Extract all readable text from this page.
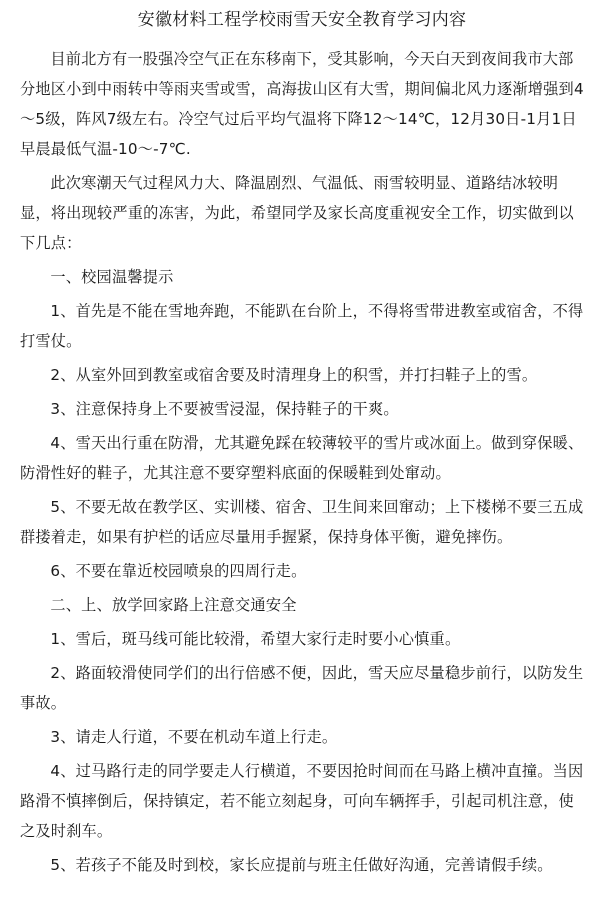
安徽材料工程学校雨雪天安全教育学习内容

目前北方有一股强冷空气正在东移南下，受其影响，今天白天到夜间我市大部分地区小到中雨转中等雨夹雪或雪，高海拔山区有大雪，期间偏北风力逐渐增强到4～5级，阵风7级左右。冷空气过后平均气温将下降12～14℃，12月30日-1月1日早晨最低气温-10～-7℃.

此次寒潮天气过程风力大、降温剧烈、气温低、雨雪较明显、道路结冰较明显，将出现较严重的冻害，为此，希望同学及家长高度重视安全工作，切实做到以下几点：

一、校园温馨提示

1、首先是不能在雪地奔跑，不能趴在台阶上，不得将雪带进教室或宿舍，不得打雪仗。

2、从室外回到教室或宿舍要及时清理身上的积雪，并打扫鞋子上的雪。

3、注意保持身上不要被雪浸湿，保持鞋子的干爽。

4、雪天出行重在防滑，尤其避免踩在较薄较平的雪片或冰面上。做到穿保暖、防滑性好的鞋子，尤其注意不要穿塑料底面的保暖鞋到处窜动。

5、不要无故在教学区、实训楼、宿舍、卫生间来回窜动；上下楼梯不要三五成群搂着走，如果有护栏的话应尽量用手握紧，保持身体平衡，避免摔伤。

6、不要在靠近校园喷泉的四周行走。

二、上、放学回家路上注意交通安全

1、雪后，斑马线可能比较滑，希望大家行走时要小心慎重。

2、路面较滑使同学们的出行倍感不便，因此，雪天应尽量稳步前行，以防发生事故。

3、请走人行道，不要在机动车道上行走。

4、过马路行走的同学要走人行横道，不要因抢时间而在马路上横冲直撞。当因路滑不慎摔倒后，保持镇定，若不能立刻起身，可向车辆挥手，引起司机注意，使之及时刹车。

5、若孩子不能及时到校，家长应提前与班主任做好沟通，完善请假手续。
